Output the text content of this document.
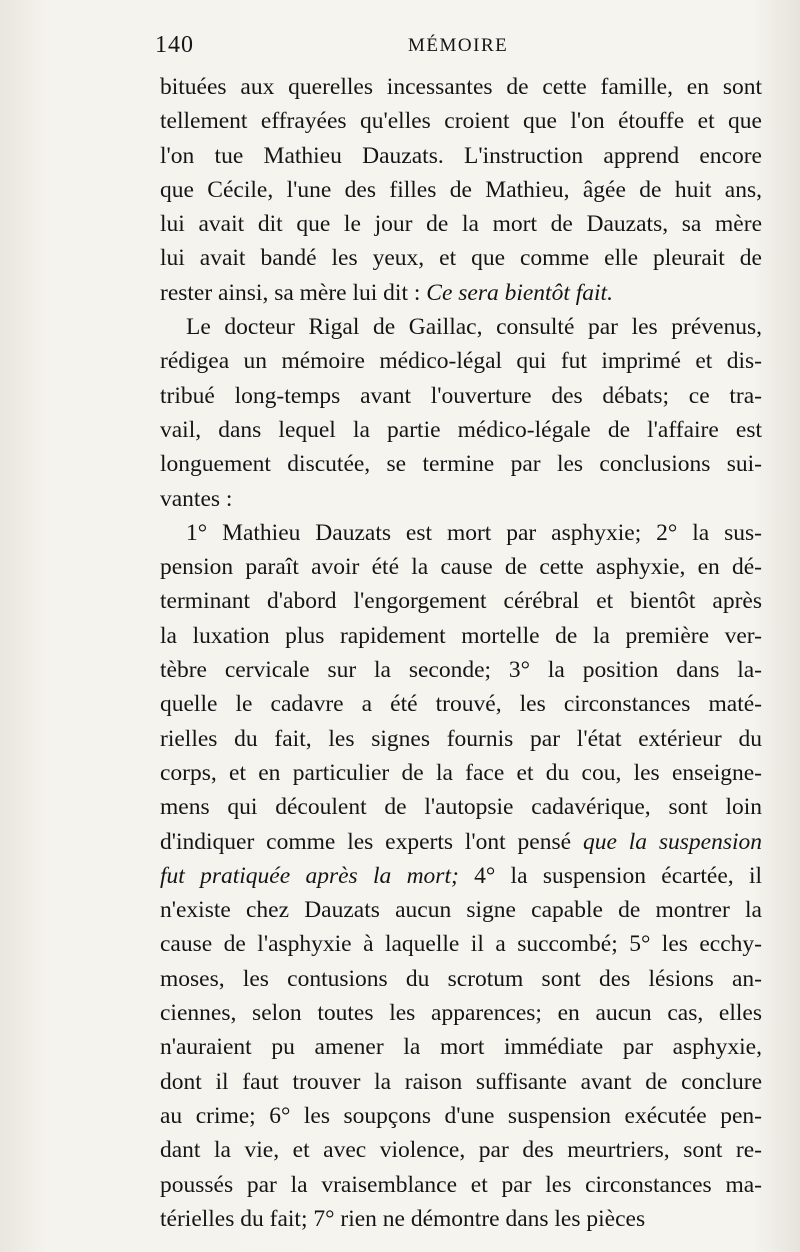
140	MÉMOIRE
bituées aux querelles incessantes de cette famille, en sont
tellement effrayées qu'elles croient que l'on étouffe et que
l'on tue Mathieu Dauzats. L'instruction apprend encore
que Cécile, l'une des filles de Mathieu, âgée de huit ans,
lui avait dit que le jour de la mort de Dauzats, sa mère
lui avait bandé les yeux, et que comme elle pleurait de
rester ainsi, sa mère lui dit : Ce sera bientôt fait.
Le docteur Rigal de Gaillac, consulté par les prévenus,
rédigea un mémoire médico-légal qui fut imprimé et dis-
tribué long-temps avant l'ouverture des débats; ce tra-
vail, dans lequel la partie médico-légale de l'affaire est
longuement discutée, se termine par les conclusions sui-
vantes :
1° Mathieu Dauzats est mort par asphyxie; 2° la sus-
pension paraît avoir été la cause de cette asphyxie, en dé-
terminant d'abord l'engorgement cérébral et bientôt après
la luxation plus rapidement mortelle de la première ver-
tèbre cervicale sur la seconde; 3° la position dans la-
quelle le cadavre a été trouvé, les circonstances maté-
rielles du fait, les signes fournis par l'état extérieur du
corps, et en particulier de la face et du cou, les enseigne-
mens qui découlent de l'autopsie cadavérique, sont loin
d'indiquer comme les experts l'ont pensé que la suspension
fut pratiquée après la mort; 4° la suspension écartée, il
n'existe chez Dauzats aucun signe capable de montrer la
cause de l'asphyxie à laquelle il a succombé; 5° les ecchy-
moses, les contusions du scrotum sont des lésions an-
ciennes, selon toutes les apparences; en aucun cas, elles
n'auraient pu amener la mort immédiate par asphyxie,
dont il faut trouver la raison suffisante avant de conclure
au crime; 6° les soupçons d'une suspension exécutée pen-
dant la vie, et avec violence, par des meurtriers, sont re-
poussés par la vraisemblance et par les circonstances ma-
térielles du fait; 7° rien ne démontre dans les pièces
